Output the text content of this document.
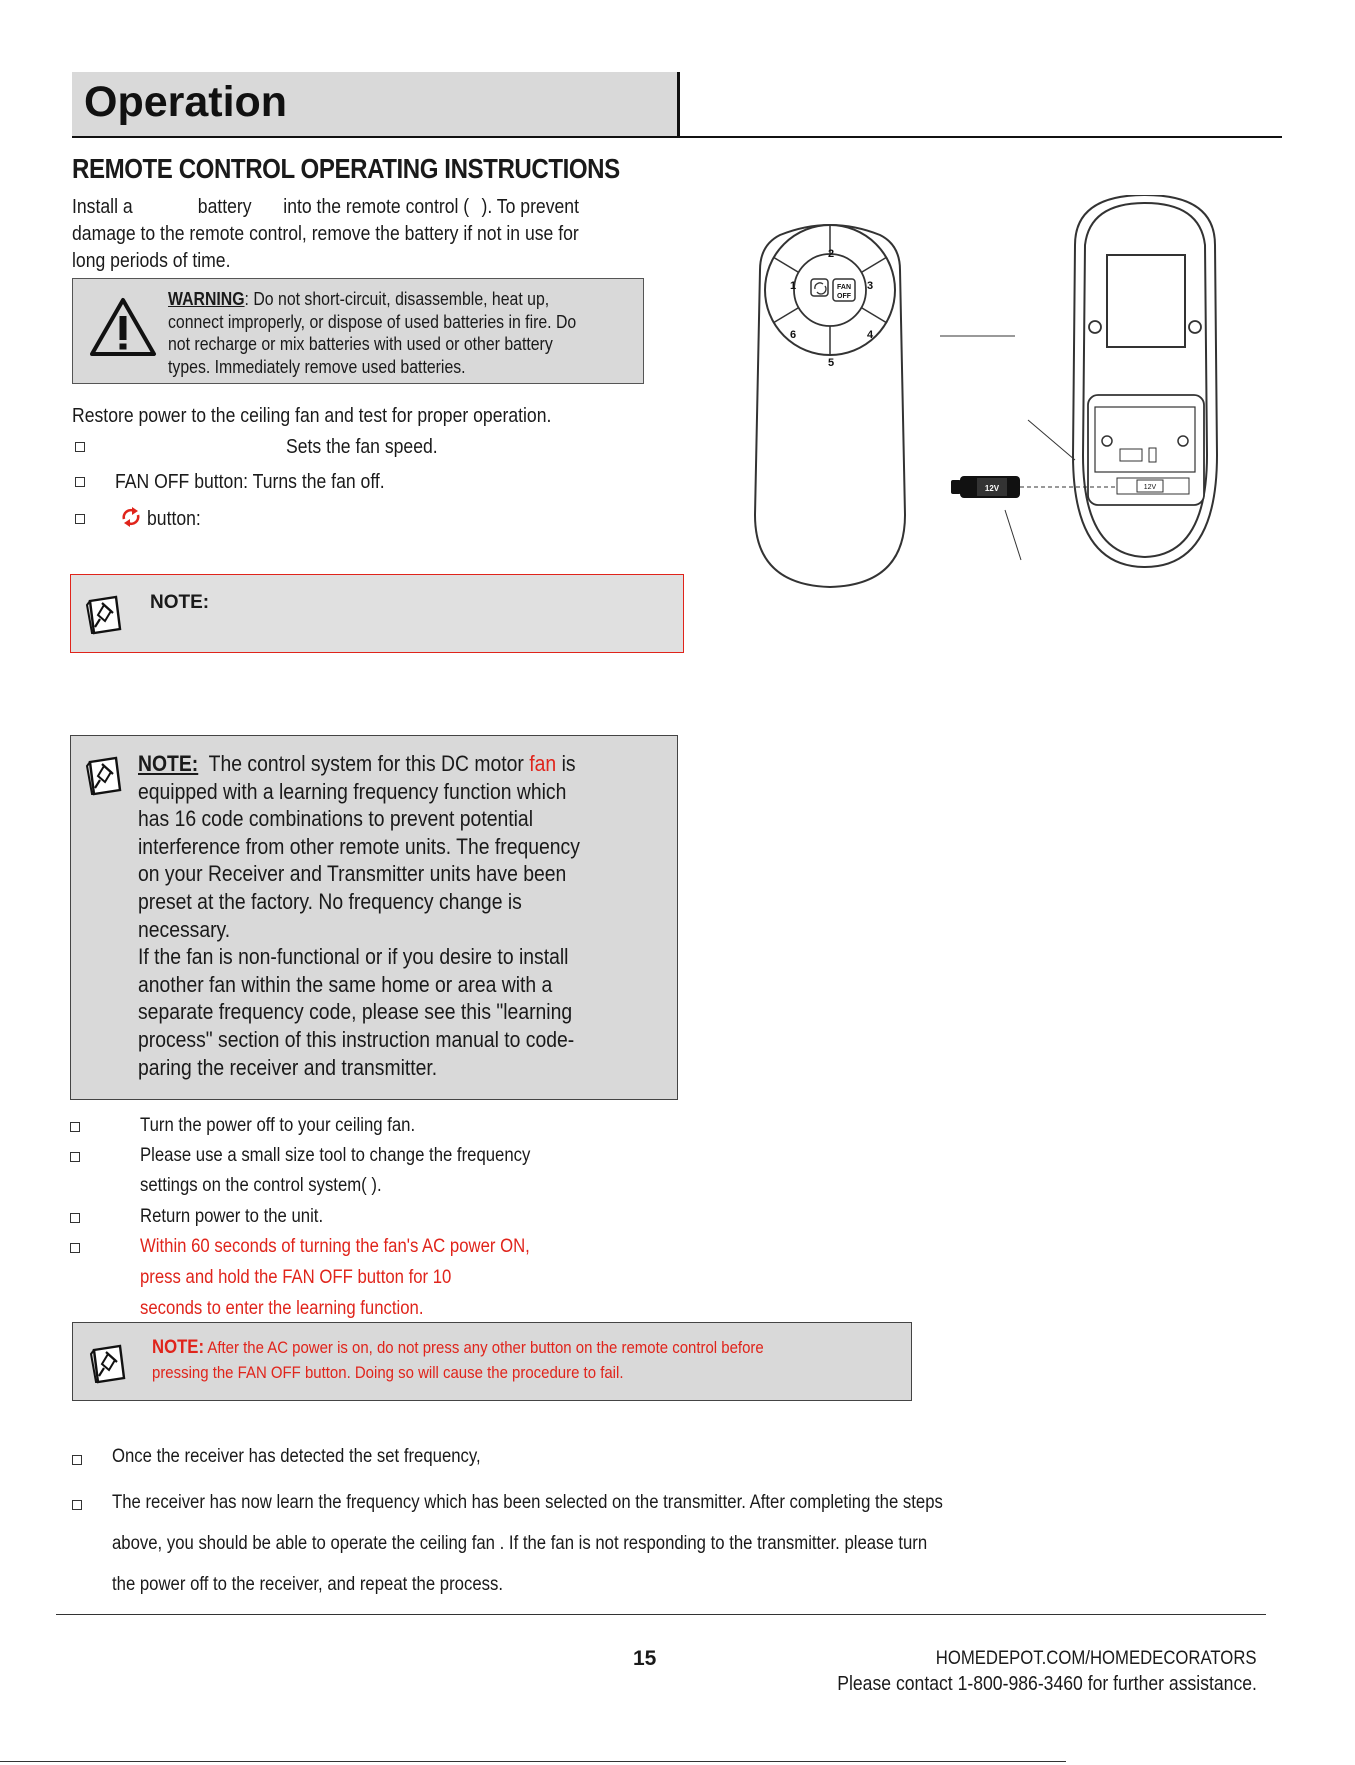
Operation
REMOTE CONTROL OPERATING INSTRUCTIONS
Install a	battery into the remote control ( ). To prevent
damage to the remote control, remove the battery if not in use for
long periods of time.
WARNING: Do not short-circuit, disassemble, heat up,
connect improperly, or dispose of used batteries in fire. Do
not recharge or mix batteries with used or other battery
types. Immediately remove used batteries.
Restore power to the ceiling fan and test for proper operation.
Sets the fan speed.
FAN OFF button: Turns the fan off.
button:
NOTE:
NOTE: The control system for this DC motor fan is
equipped with a learning frequency function which
has 16 code combinations to prevent potential
interference from other remote units. The frequency
on your Receiver and Transmitter units have been
preset at the factory. No frequency change is
necessary.
If the fan is non-functional or if you desire to install
another fan within the same home or area with a
separate frequency code, please see this "learning
process" section of this instruction manual to code-
paring the receiver and transmitter.
Turn the power off to your ceiling fan.
Please use a small size tool to change the frequency
settings on the control system( ).
Return power to the unit.
Within 60 seconds of turning the fan's AC power ON,
press and hold the FAN OFF button for 10
seconds to enter the learning function.
NOTE: After the AC power is on, do not press any other button on the remote control before
pressing the FAN OFF button. Doing so will cause the procedure to fail.
Once the receiver has detected the set frequency,
The receiver has now learn the frequency which has been selected on the transmitter. After completing the steps
above, you should be able to operate the ceiling fan . If the fan is not responding to the transmitter. please turn
the power off to the receiver, and repeat the process.
1
2
3
4
5
6
FAN
OFF
12V
12V
15	HOMEDEPOT.COM/HOMEDECORATORS
Please contact 1-800-986-3460 for further assistance.
